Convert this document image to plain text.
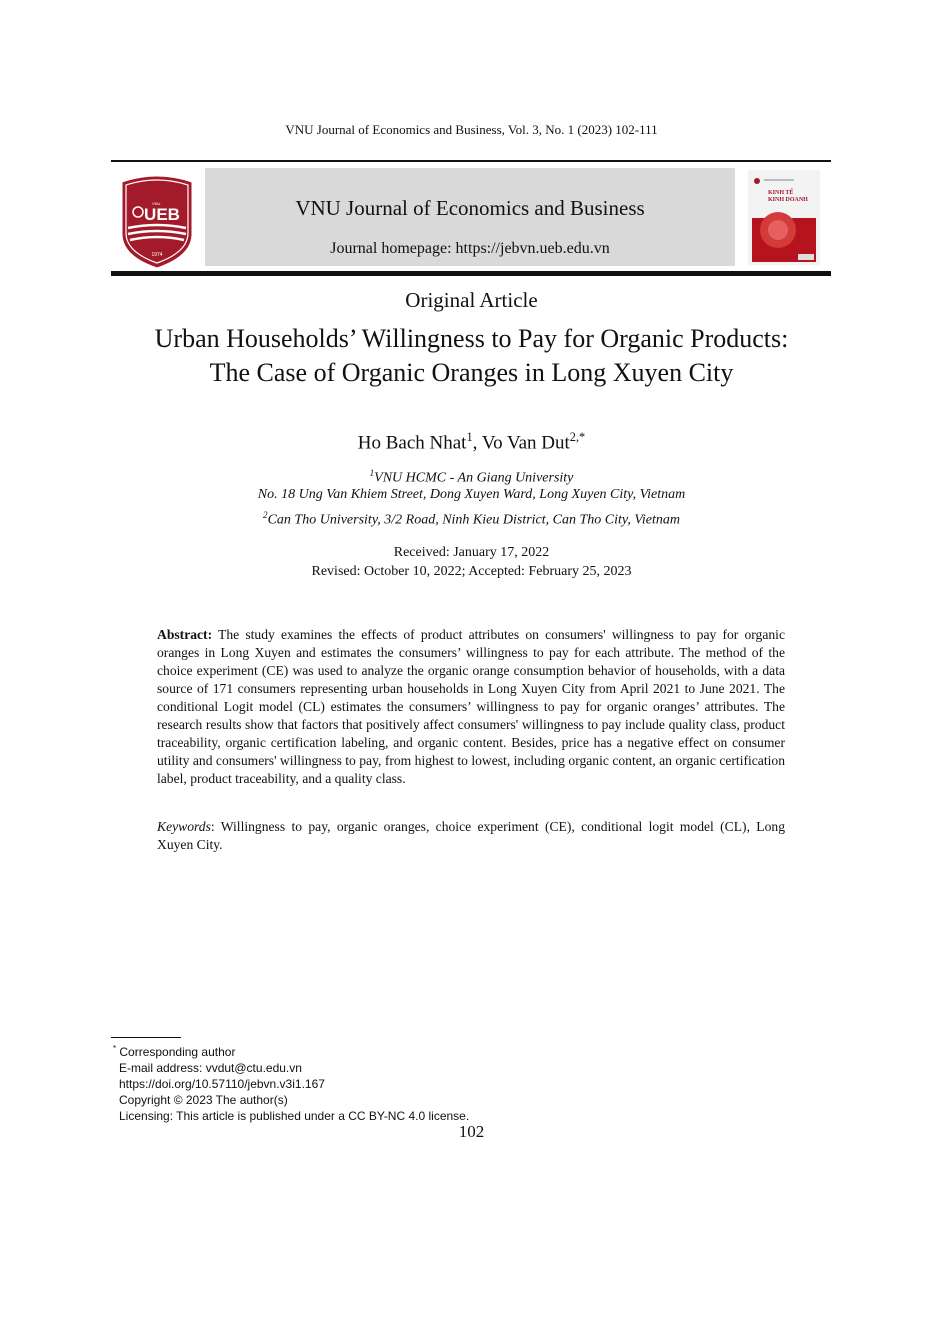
VNU Journal of Economics and Business, Vol. 3, No. 1 (2023) 102-111
UEB
VNU
1974
VNU Journal of Economics and Business
Journal homepage: https://jebvn.ueb.edu.vn
KINH TẾ
KINH DOANH
Original Article
Urban Households’ Willingness to Pay for Organic Products:
The Case of Organic Oranges in Long Xuyen City
Ho Bach Nhat$^1$, Vo Van Dut$^{2,*}$
$^1$VNU HCMC - An Giang University
No. 18 Ung Van Khiem Street, Dong Xuyen Ward, Long Xuyen City, Vietnam
$^2$Can Tho University, 3/2 Road, Ninh Kieu District, Can Tho City, Vietnam
Received: January 17, 2022
Revised: October 10, 2022; Accepted: February 25, 2023
Abstract: The study examines the effects of product attributes on consumers' willingness to pay for organic oranges in Long Xuyen and estimates the consumers’ willingness to pay for each attribute. The method of the choice experiment (CE) was used to analyze the organic orange consumption behavior of households, with a data source of 171 consumers representing urban households in Long Xuyen City from April 2021 to June 2021. The conditional Logit model (CL) estimates the consumers’ willingness to pay for organic oranges’ attributes. The research results show that factors that positively affect consumers' willingness to pay include quality class, product traceability, organic certification labeling, and organic content. Besides, price has a negative effect on consumer utility and consumers' willingness to pay, from highest to lowest, including organic content, an organic certification label, product traceability, and a quality class.
Keywords: Willingness to pay, organic oranges, choice experiment (CE), conditional logit model (CL), Long Xuyen City.
* Corresponding author
E-mail address: vvdut@ctu.edu.vn
https://doi.org/10.57110/jebvn.v3i1.167
Copyright © 2023 The author(s)
Licensing: This article is published under a CC BY-NC 4.0 license.
102
